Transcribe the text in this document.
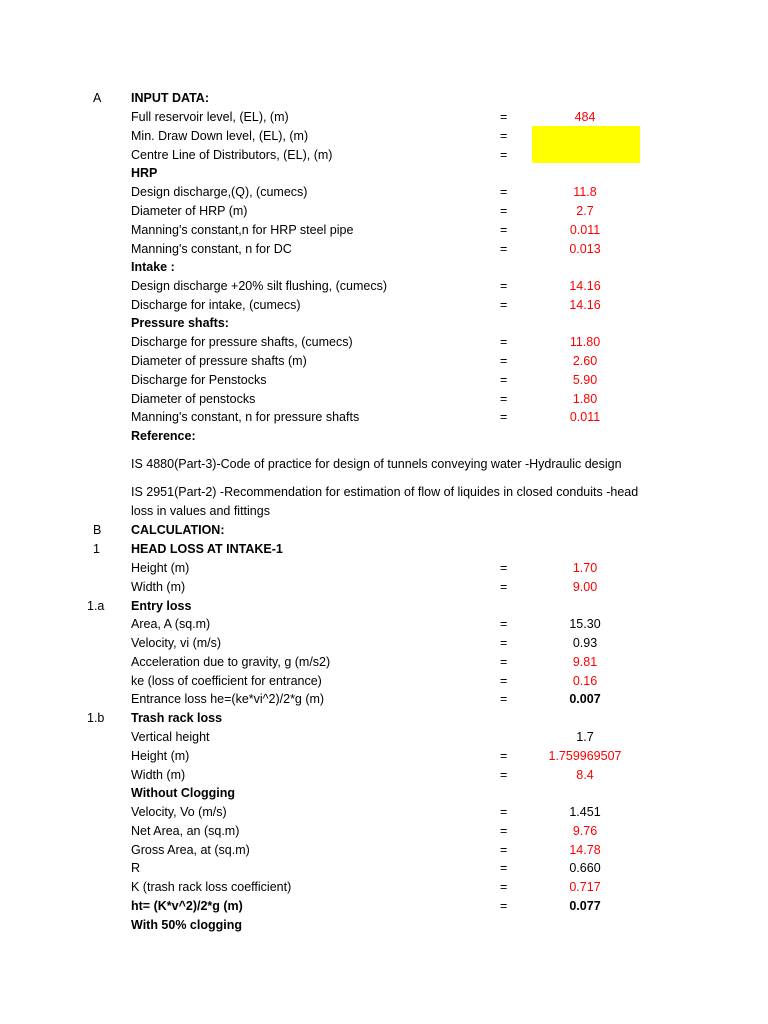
A INPUT DATA:
Full reservoir level, (EL), (m)	=	484
Min. Draw Down level, (EL), (m)	=
Centre Line of Distributors, (EL), (m)	=
HRP
Design discharge,(Q), (cumecs)	=	11.8
Diameter of HRP (m)	=	2.7
Manning's constant,n for HRP steel pipe	=	0.011
Manning's constant, n for DC	=	0.013
Intake :
Design discharge +20% silt flushing, (cumecs)	=	14.16
Discharge for intake, (cumecs)	=	14.16
Pressure shafts:
Discharge for pressure shafts, (cumecs)	=	11.80
Diameter of pressure shafts (m)	=	2.60
Discharge for Penstocks	=	5.90
Diameter of penstocks	=	1.80
Manning's constant, n for pressure shafts	=	0.011
Reference:
IS 4880(Part-3)-Code of practice for design of tunnels conveying water -Hydraulic design
IS 2951(Part-2) -Recommendation for estimation of flow of liquides in closed conduits -head loss in values and fittings
B CALCULATION:
1 HEAD LOSS AT INTAKE-1
Height (m)	=	1.70
Width (m)	=	9.00
1.a Entry loss
Area, A (sq.m)	=	15.30
Velocity, vi (m/s)	=	0.93
Acceleration due to gravity, g (m/s2)	=	9.81
ke (loss of coefficient for entrance)	=	0.16
Entrance loss he=(ke*vi^2)/2*g (m)	=	0.007
1.b Trash rack loss
Vertical height	1.7
Height (m)	=	1.759969507
Width (m)	=	8.4
Without Clogging
Velocity, Vo (m/s)	=	1.451
Net Area, an (sq.m)	=	9.76
Gross Area, at (sq.m)	=	14.78
R	=	0.660
K (trash rack loss coefficient)	=	0.717
ht= (K*v^2)/2*g (m)	=	0.077
With 50% clogging
